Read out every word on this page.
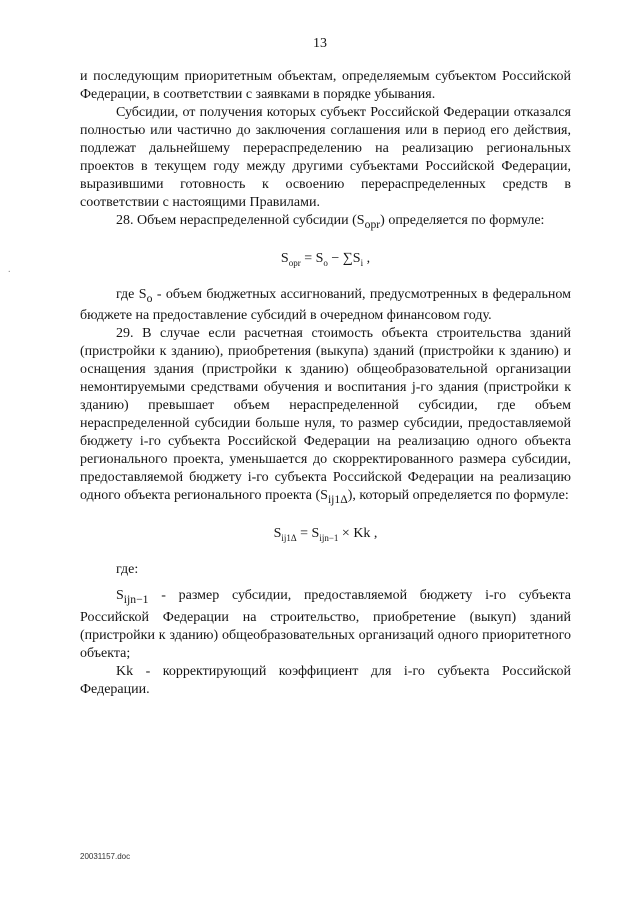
13
.

и последующим приоритетным объектам, определяемым субъектом Российской Федерации, в соответствии с заявками в порядке убывания.

Субсидии, от получения которых субъект Российской Федерации отказался полностью или частично до заключения соглашения или в период его действия, подлежат дальнейшему перераспределению на реализацию региональных проектов в текущем году между другими субъектами Российской Федерации, выразившими готовность к освоению перераспределенных средств в соответствии с настоящими Правилами.

28. Объем нераспределенной субсидии $(S_{opr})$ определяется по формуле:

$S_{opr} = S_o - \sum S_i$ ,

где $S_o$ - объем бюджетных ассигнований, предусмотренных в федеральном бюджете на предоставление субсидий в очередном финансовом году.

29. В случае если расчетная стоимость объекта строительства зданий (пристройки к зданию), приобретения (выкупа) зданий (пристройки к зданию) и оснащения здания (пристройки к зданию) общеобразовательной организации немонтируемыми средствами обучения и воспитания j-го здания (пристройки к зданию) превышает объем нераспределенной субсидии, где объем нераспределенной субсидии больше нуля, то размер субсидии, предоставляемой бюджету i-го субъекта Российской Федерации на реализацию одного объекта регионального проекта, уменьшается до скорректированного размера субсидии, предоставляемой бюджету i-го субъекта Российской Федерации на реализацию одного объекта регионального проекта $(S_{ij1\Delta})$, который определяется по формуле:

$S_{ij1\Delta} = S_{ijn-1} \times Kk$ ,

где:

$S_{ijn-1}$ - размер субсидии, предоставляемой бюджету i-го субъекта Российской Федерации на строительство, приобретение (выкуп) зданий (пристройки к зданию) общеобразовательных организаций одного приоритетного объекта;

Kk - корректирующий коэффициент для i-го субъекта Российской Федерации.

20031157.doc
